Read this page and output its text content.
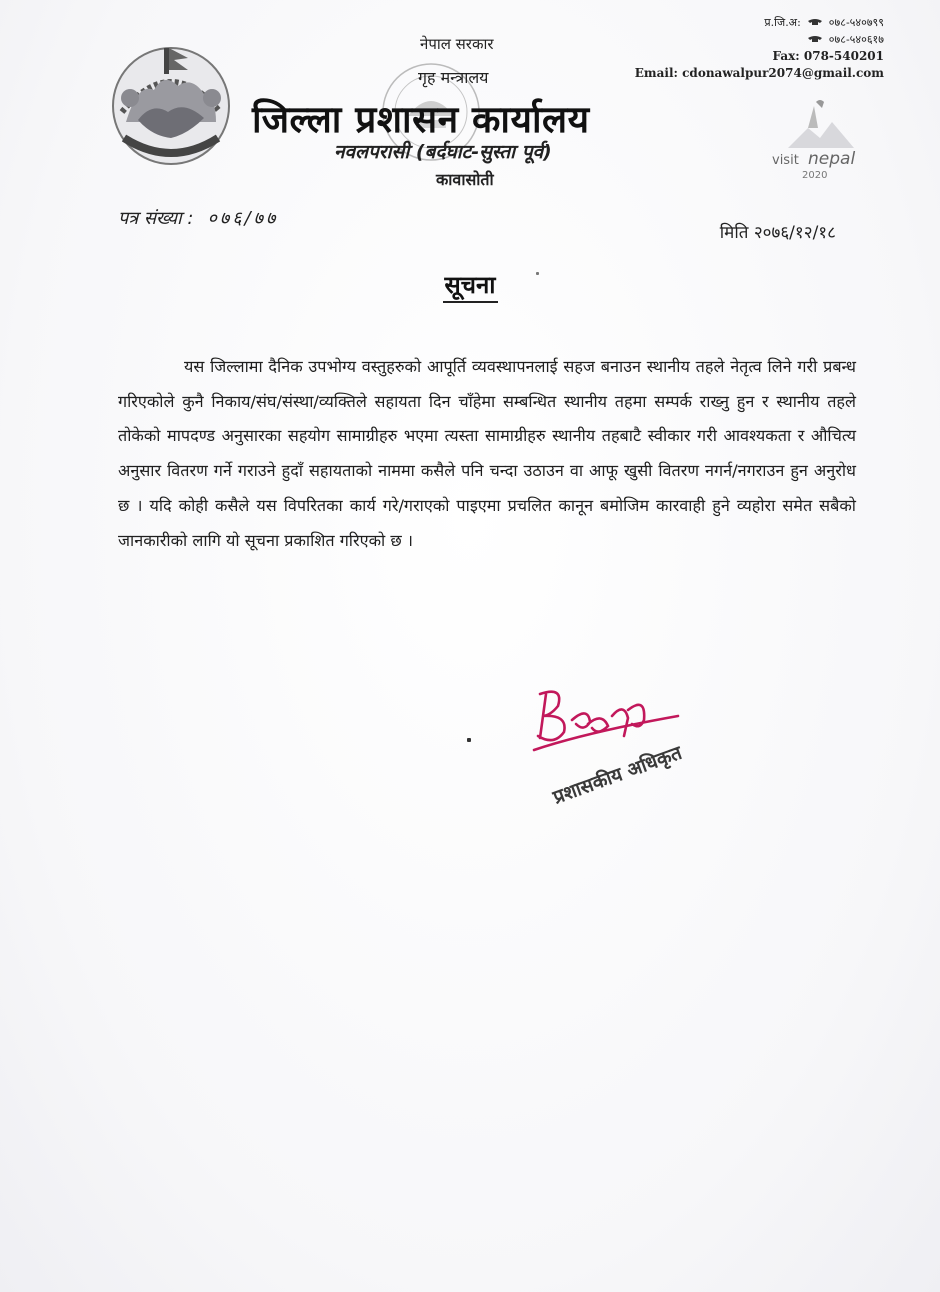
नेपाल सरकार
गृह मन्त्रालय
जिल्ला प्रशासन कार्यालय
नवलपरासी (बर्दघाट-सुस्ता पूर्व)
कावासोती
प्र.जि.अ:	०७८-५४०७९९
०७८-५४०६१७
Fax: 078-540201
Email: cdonawalpur2074@gmail.com
visit nepal
2020
पत्र संख्या : ०७६/७७
मिति २०७६/१२/१८
सूचना
यस जिल्लामा दैनिक उपभोग्य वस्तुहरुको आपूर्ति व्यवस्थापनलाई सहज बनाउन स्थानीय तहले नेतृत्व लिने गरी प्रबन्ध गरिएकोले कुनै निकाय/संघ/संस्था/व्यक्तिले सहायता दिन चाँहेमा सम्बन्धित स्थानीय तहमा सम्पर्क राख्नु हुन र स्थानीय तहले तोकेको मापदण्ड अनुसारका सहयोग सामाग्रीहरु भएमा त्यस्ता सामाग्रीहरु स्थानीय तहबाटै स्वीकार गरी आवश्यकता र औचित्य अनुसार वितरण गर्ने गराउने हुदाँ सहायताको नाममा कसैले पनि चन्दा उठाउन वा आफू खुसी वितरण नगर्न/नगराउन हुन अनुरोध छ । यदि कोही कसैले यस विपरितका कार्य गरे/गराएको पाइएमा प्रचलित कानून बमोजिम कारवाही हुने व्यहोरा समेत सबैको जानकारीको लागि यो सूचना प्रकाशित गरिएको छ ।
प्रशासकीय अधिकृत
